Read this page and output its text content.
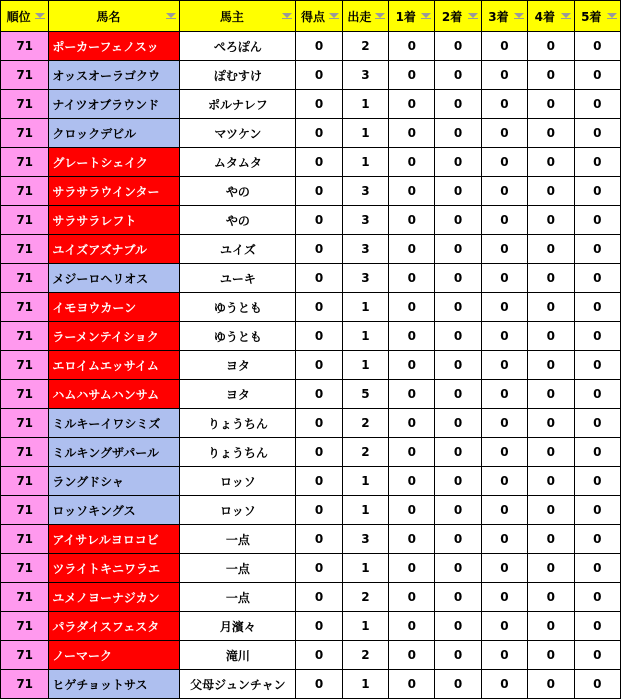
順位	馬名	馬主	得点	出走	1着	2着	3着	4着	5着

71	ポーカーフェノスッ	ぺろぽん	0	2	0	0	0	0	0
71	オッスオーラゴクウ	ぽむすけ	0	3	0	0	0	0	0
71	ナイツオブラウンド	ポルナレフ	0	1	0	0	0	0	0
71	クロックデビル	マツケン	0	1	0	0	0	0	0
71	グレートシェイク	ムタムタ	0	1	0	0	0	0	0
71	サラサラウインター	やの	0	3	0	0	0	0	0
71	サラサラレフト	やの	0	3	0	0	0	0	0
71	ユイズアズナブル	ユイズ	0	3	0	0	0	0	0
71	メジーロヘリオス	ユーキ	0	3	0	0	0	0	0
71	イモヨウカーン	ゆうとも	0	1	0	0	0	0	0
71	ラーメンテイショク	ゆうとも	0	1	0	0	0	0	0
71	エロイムエッサイム	ヨタ	0	1	0	0	0	0	0
71	ハムハサムハンサム	ヨタ	0	5	0	0	0	0	0
71	ミルキーイワシミズ	りょうちん	0	2	0	0	0	0	0
71	ミルキングザパール	りょうちん	0	2	0	0	0	0	0
71	ラングドシャ	ロッソ	0	1	0	0	0	0	0
71	ロッソキングス	ロッソ	0	1	0	0	0	0	0
71	アイサレルヨロコビ	一点	0	3	0	0	0	0	0
71	ツライトキニワラエ	一点	0	1	0	0	0	0	0
71	ユメノヨーナジカン	一点	0	2	0	0	0	0	0
71	パラダイスフェスタ	月濱々	0	1	0	0	0	0	0
71	ノーマーク	滝川	0	2	0	0	0	0	0
71	ヒゲチョットサス	父母ジュンチャン	0	1	0	0	0	0	0
